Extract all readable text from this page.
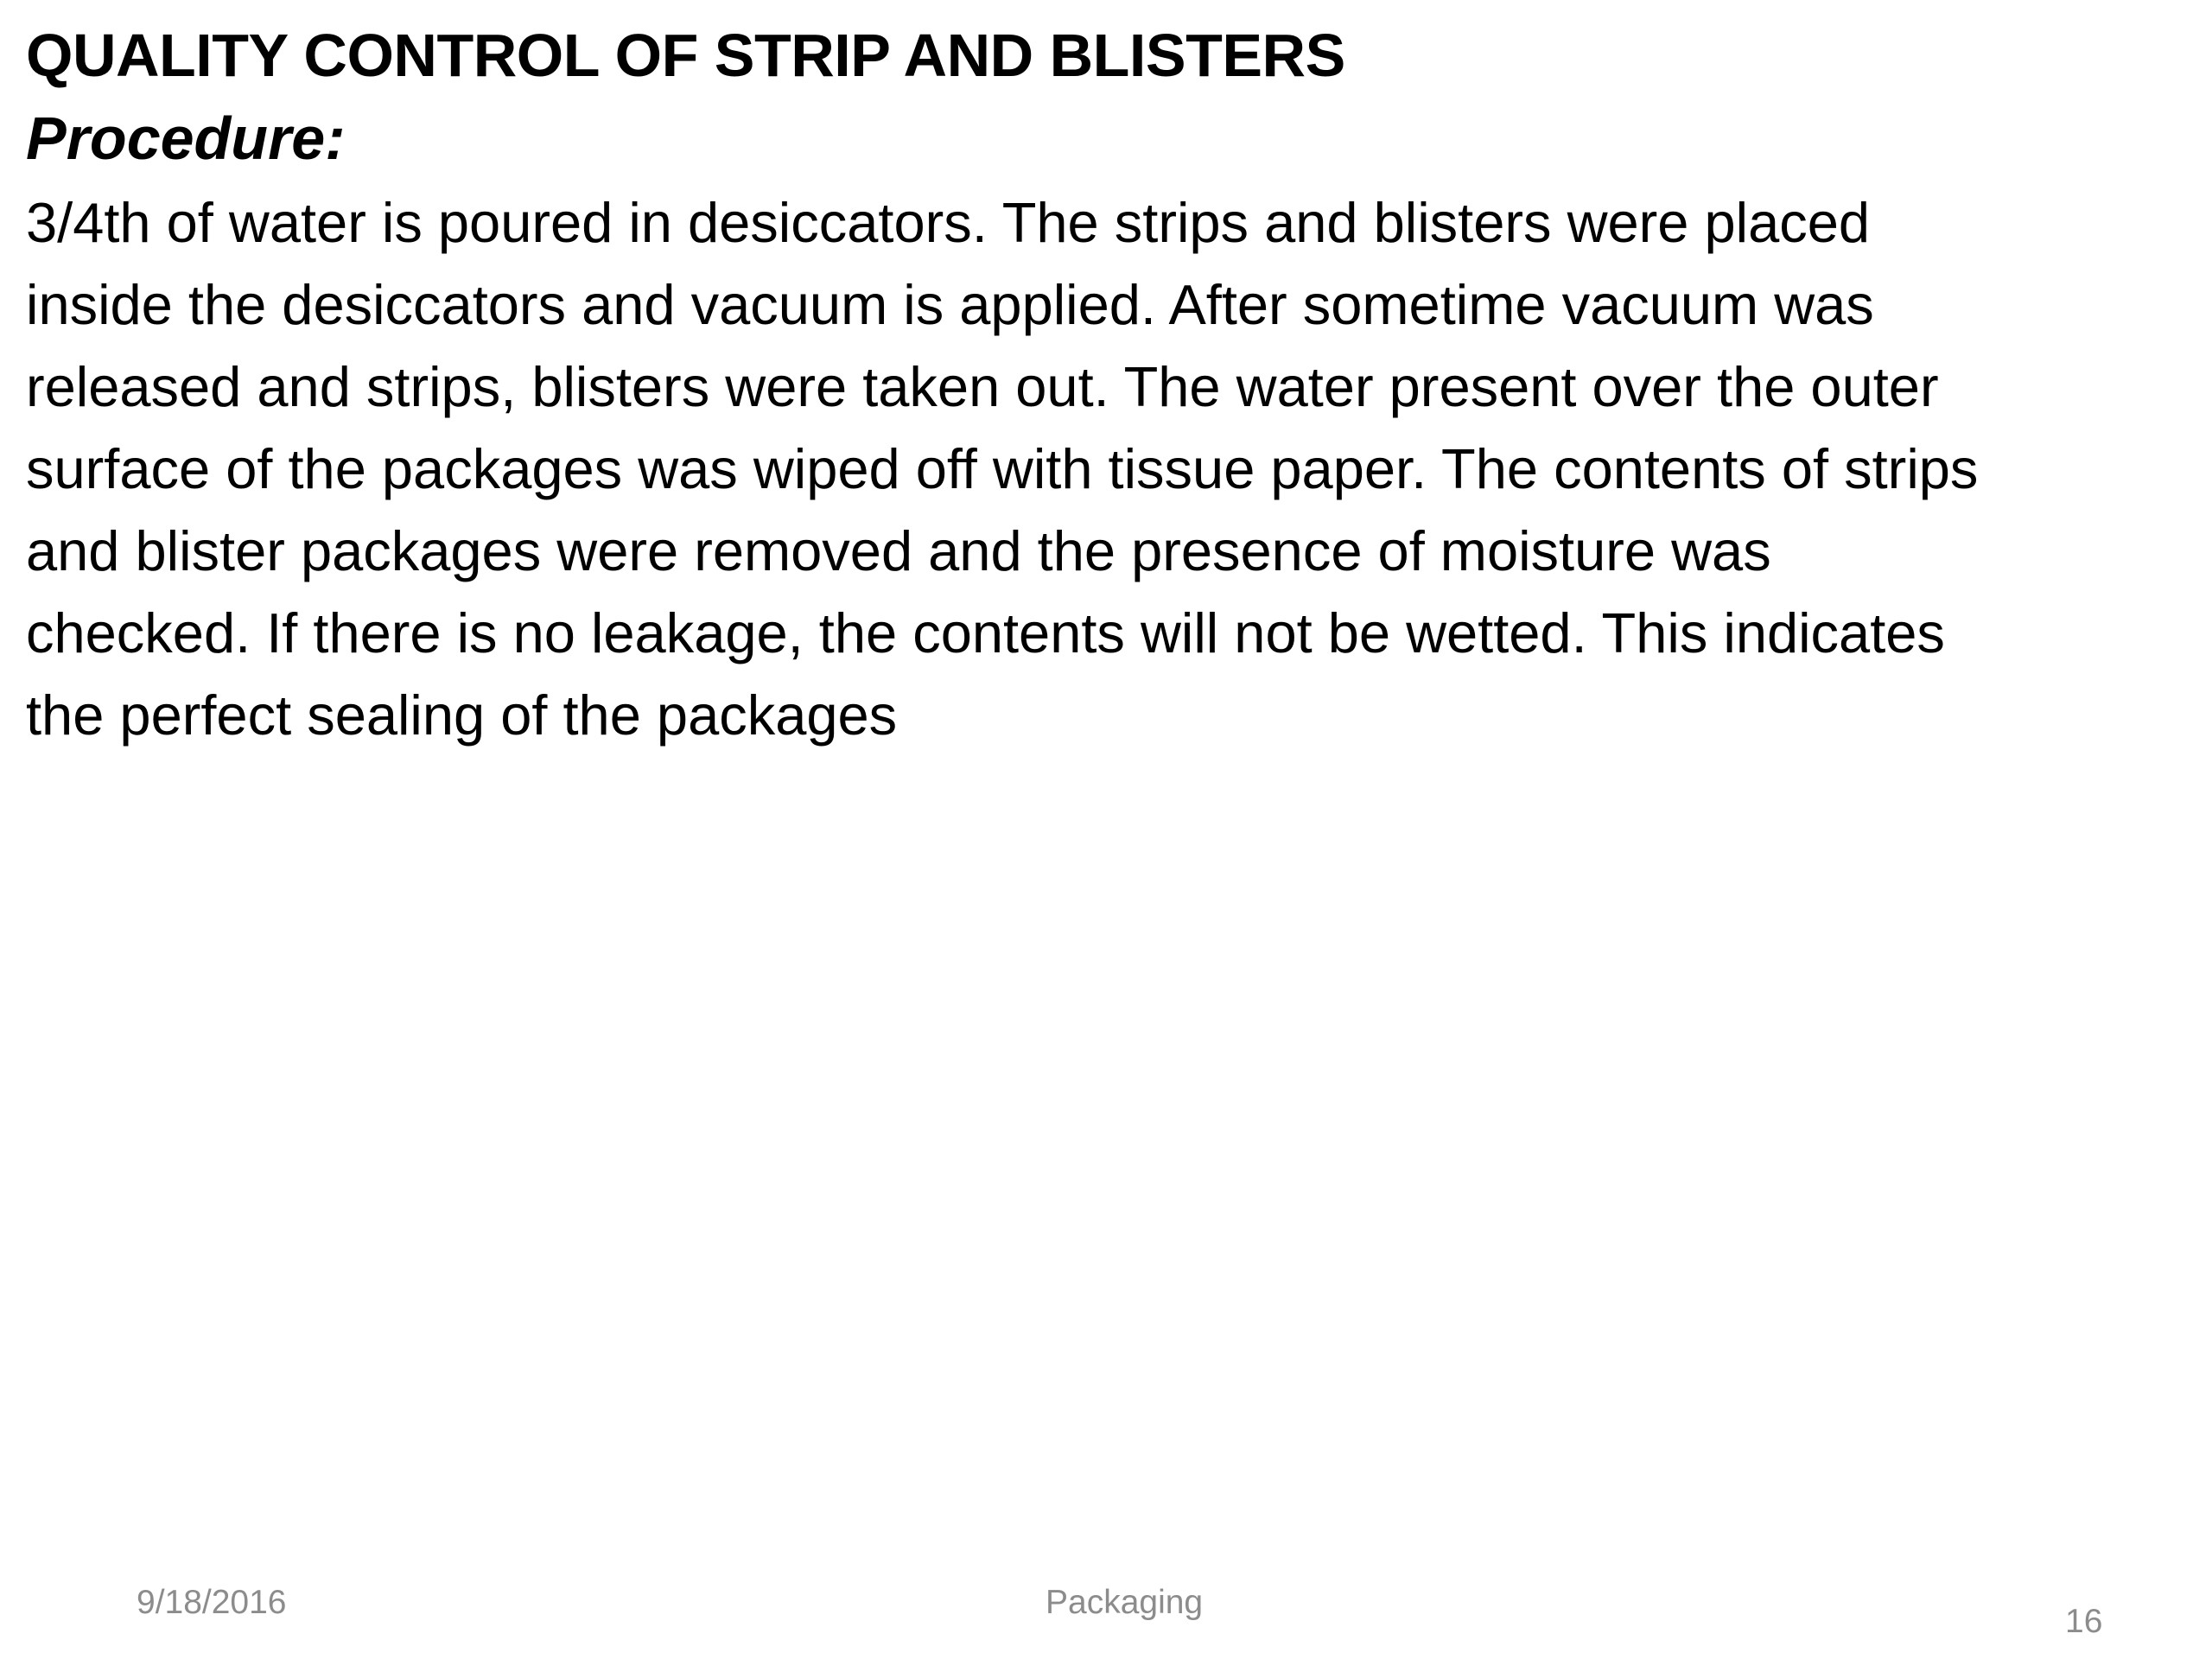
QUALITY CONTROL OF STRIP AND BLISTERS
Procedure:
3/4th of water is poured in desiccators. The strips and blisters were placed
inside the desiccators and vacuum is applied. After sometime vacuum was
released and strips, blisters were taken out. The water present over the outer
surface of the packages was wiped off with tissue paper. The contents of strips
and blister packages were removed and the presence of moisture was
checked. If there is no leakage, the contents will not be wetted. This indicates
the perfect sealing of the packages
9/18/2016	Packaging
16
